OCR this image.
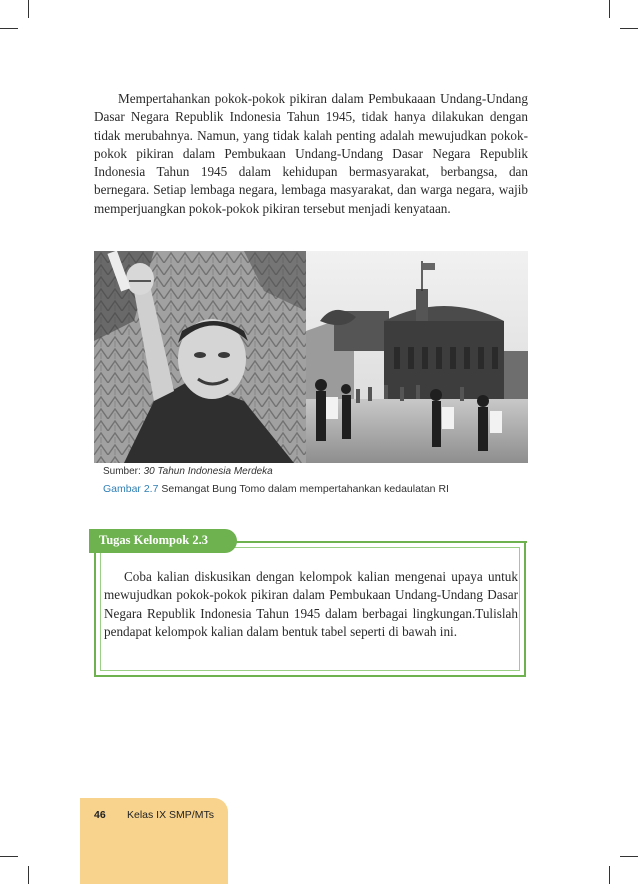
Mempertahankan pokok-pokok pikiran dalam Pembukaaan Undang-Undang Dasar Negara Republik Indonesia Tahun 1945, tidak hanya dilakukan dengan tidak merubahnya. Namun, yang tidak kalah penting adalah mewujudkan pokok-pokok pikiran dalam Pembukaan Undang-Undang Dasar Negara Republik Indonesia Tahun 1945 dalam kehidupan bermasyarakat, berbangsa, dan bernegara. Setiap lembaga negara, lembaga masyarakat, dan warga negara, wajib memperjuangkan pokok-pokok pikiran tersebut menjadi kenyataan.

Sumber: 30 Tahun Indonesia Merdeka
Gambar 2.7 Semangat Bung Tomo dalam mempertahankan kedaulatan RI
Tugas Kelompok 2.3

Coba kalian diskusikan dengan kelompok kalian mengenai upaya untuk mewujudkan pokok-pokok pikiran dalam Pembukaan Undang-Undang Dasar Negara Republik Indonesia Tahun 1945 dalam berbagai lingkungan.Tulislah pendapat kelompok kalian dalam bentuk tabel seperti di bawah ini.

46 Kelas IX SMP/MTs
